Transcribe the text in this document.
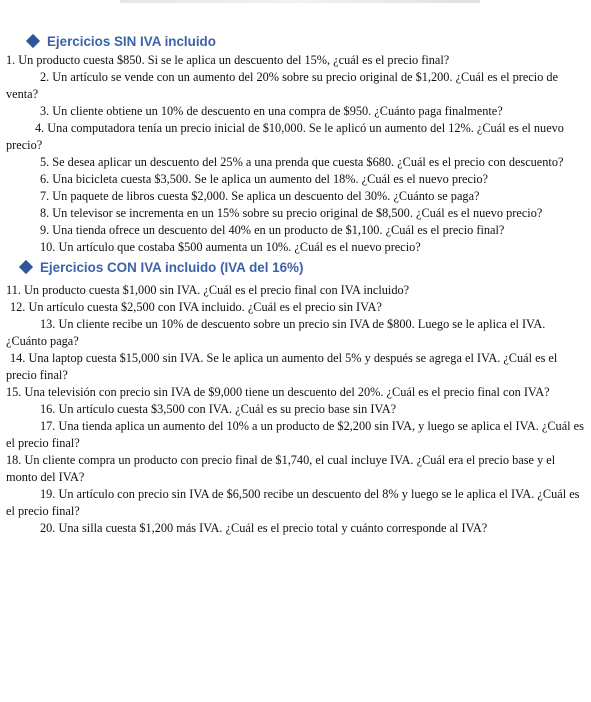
Ejercicios SIN IVA incluido

1. Un producto cuesta $850. Si se le aplica un descuento del 15%, ¿cuál es el precio final?

2. Un artículo se vende con un aumento del 20% sobre su precio original de $1,200. ¿Cuál es el precio de venta?

3. Un cliente obtiene un 10% de descuento en una compra de $950. ¿Cuánto paga finalmente?

4. Una computadora tenía un precio inicial de $10,000. Se le aplicó un aumento del 12%. ¿Cuál es el nuevo precio?

5. Se desea aplicar un descuento del 25% a una prenda que cuesta $680. ¿Cuál es el precio con descuento?

6. Una bicicleta cuesta $3,500. Se le aplica un aumento del 18%. ¿Cuál es el nuevo precio?

7. Un paquete de libros cuesta $2,000. Se aplica un descuento del 30%. ¿Cuánto se paga?

8. Un televisor se incrementa en un 15% sobre su precio original de $8,500. ¿Cuál es el nuevo precio?

9. Una tienda ofrece un descuento del 40% en un producto de $1,100. ¿Cuál es el precio final?

10. Un artículo que costaba $500 aumenta un 10%. ¿Cuál es el nuevo precio?

Ejercicios CON IVA incluido (IVA del 16%)

11. Un producto cuesta $1,000 sin IVA. ¿Cuál es el precio final con IVA incluido?

12. Un artículo cuesta $2,500 con IVA incluido. ¿Cuál es el precio sin IVA?

13. Un cliente recibe un 10% de descuento sobre un precio sin IVA de $800. Luego se le aplica el IVA. ¿Cuánto paga?

14. Una laptop cuesta $15,000 sin IVA. Se le aplica un aumento del 5% y después se agrega el IVA. ¿Cuál es el precio final?

15. Una televisión con precio sin IVA de $9,000 tiene un descuento del 20%. ¿Cuál es el precio final con IVA?

16. Un artículo cuesta $3,500 con IVA. ¿Cuál es su precio base sin IVA?

17. Una tienda aplica un aumento del 10% a un producto de $2,200 sin IVA, y luego se aplica el IVA. ¿Cuál es el precio final?

18. Un cliente compra un producto con precio final de $1,740, el cual incluye IVA. ¿Cuál era el precio base y el monto del IVA?

19. Un artículo con precio sin IVA de $6,500 recibe un descuento del 8% y luego se le aplica el IVA. ¿Cuál es el precio final?

20. Una silla cuesta $1,200 más IVA. ¿Cuál es el precio total y cuánto corresponde al IVA?
